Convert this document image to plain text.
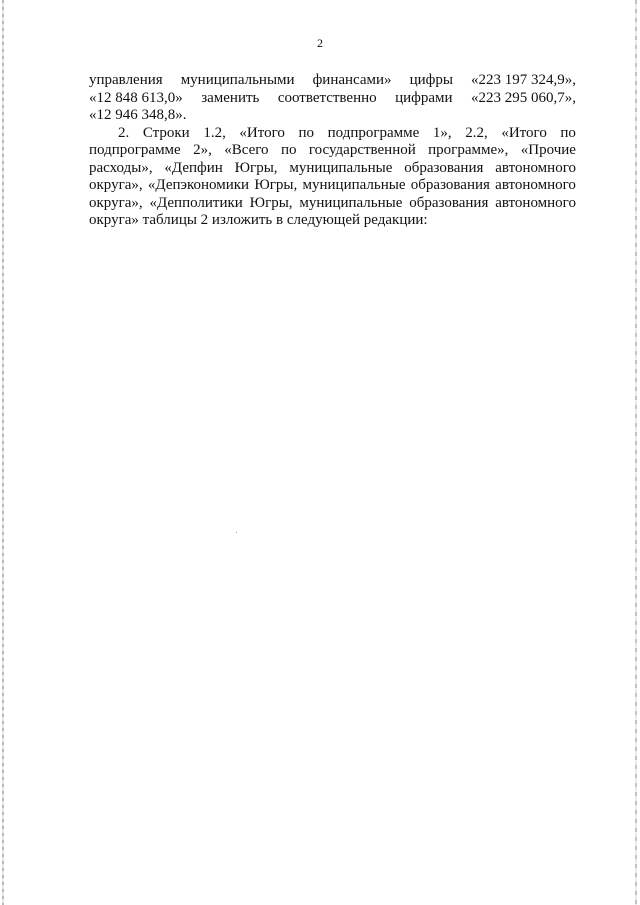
2
управления муниципальными финансами» цифры «223 197 324,9»,
«12 848 613,0» заменить соответственно цифрами «223 295 060,7»,
«12 946 348,8».
2. Строки 1.2, «Итого по подпрограмме 1», 2.2, «Итого по
подпрограмме 2», «Всего по государственной программе», «Прочие
расходы», «Депфин Югры, муниципальные образования автономного
округа», «Депэкономики Югры, муниципальные образования автономного
округа», «Депполитики Югры, муниципальные образования автономного
округа» таблицы 2 изложить в следующей редакции:
